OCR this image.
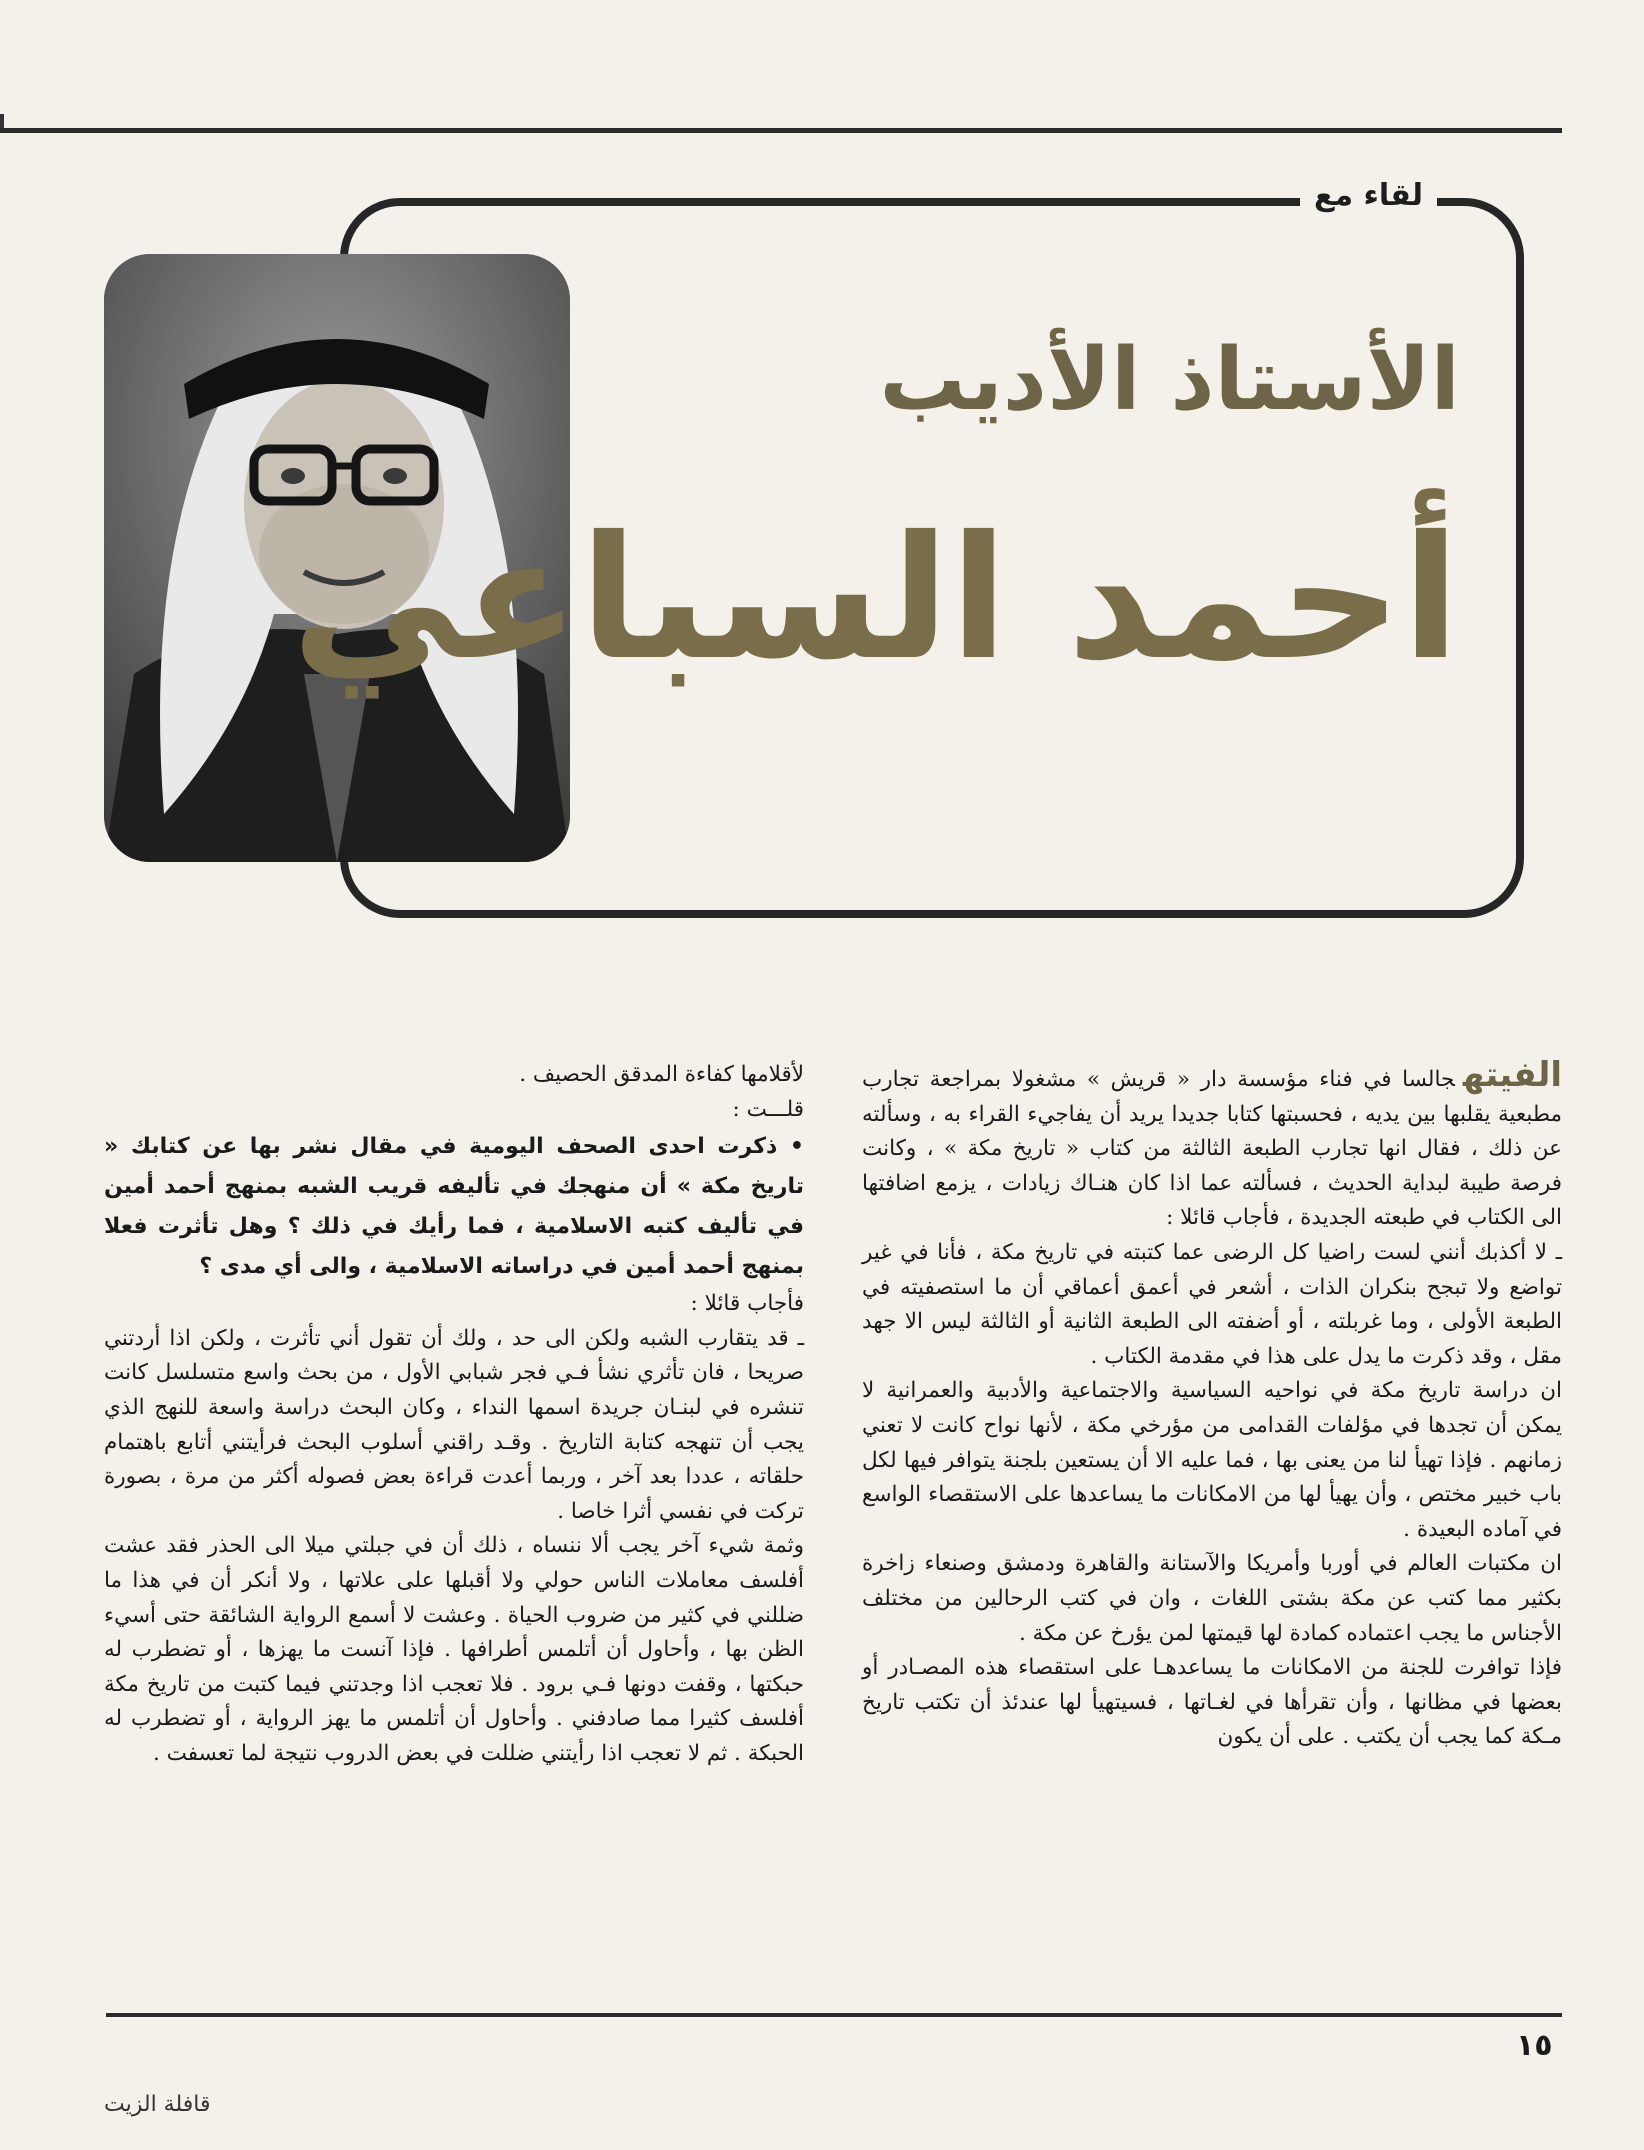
لقاء مع
الأستاذ الأديب
أحمد السباعي

الفيتهجالسا في فناء مؤسسة دار « قريش » مشغولا بمراجعة تجارب مطبعية يقلبها بين يديه ، فحسبتها كتابا جديدا يريد أن يفاجيء القراء به ، وسألته عن ذلك ، فقال انها تجارب الطبعة الثالثة من كتاب « تاريخ مكة » ، وكانت فرصة طيبة لبداية الحديث ، فسألته عما اذا كان هنـاك زيادات ، يزمع اضافتها الى الكتاب في طبعته الجديدة ، فأجاب قائلا :

ـ لا أكذبك أنني لست راضيا كل الرضى عما كتبته في تاريخ مكة ، فأنا في غير تواضع ولا تبجح بنكران الذات ، أشعر في أعمق أعماقي أن ما استصفيته في الطبعة الأولى ، وما غربلته ، أو أضفته الى الطبعة الثانية أو الثالثة ليس الا جهد مقل ، وقد ذكرت ما يدل على هذا في مقدمة الكتاب .

ان دراسة تاريخ مكة في نواحيه السياسية والاجتماعية والأدبية والعمرانية لا يمكن أن تجدها في مؤلفات القدامى من مؤرخي مكة ، لأنها نواح كانت لا تعني زمانهم . فإذا تهيأ لنا من يعنى بها ، فما عليه الا أن يستعين بلجنة يتوافر فيها لكل باب خبير مختص ، وأن يهيأ لها من الامكانات ما يساعدها على الاستقصاء الواسع في آماده البعيدة .

ان مكتبات العالم في أوربا وأمريكا والآستانة والقاهرة ودمشق وصنعاء زاخرة بكثير مما كتب عن مكة بشتى اللغات ، وان في كتب الرحالين من مختلف الأجناس ما يجب اعتماده كمادة لها قيمتها لمن يؤرخ عن مكة .

فإذا توافرت للجنة من الامكانات ما يساعدهـا على استقصاء هذه المصـادر أو بعضها في مظانها ، وأن تقرأها في لغـاتها ، فسيتهيأ لها عندئذ أن تكتب تاريخ مـكة كما يجب أن يكتب . على أن يكون

لأقلامها كفاءة المدقق الحصيف .

قلـــت :

• ذكرت احدى الصحف اليومية في مقال نشر بها عن كتابك « تاريخ مكة » أن منهجك في تأليفه قريب الشبه بمنهج أحمد أمين في تأليف كتبه الاسلامية ، فما رأيك في ذلك ؟ وهل تأثرت فعلا بمنهج أحمد أمين في دراساته الاسلامية ، والى أي مدى ؟

فأجاب قائلا :

ـ قد يتقارب الشبه ولكن الى حد ، ولك أن تقول أني تأثرت ، ولكن اذا أردتني صريحا ، فان تأثري نشأ فـي فجر شبابي الأول ، من بحث واسع متسلسل كانت تنشره في لبنـان جريدة اسمها النداء ، وكان البحث دراسة واسعة للنهج الذي يجب أن تنهجه كتابة التاريخ . وقـد راقني أسلوب البحث فرأيتني أتابع باهتمام حلقاته ، عددا بعد آخر ، وربما أعدت قراءة بعض فصوله أكثر من مرة ، بصورة تركت في نفسي أثرا خاصا .

وثمة شيء آخر يجب ألا ننساه ، ذلك أن في جبلتي ميلا الى الحذر فقد عشت أفلسف معاملات الناس حولي ولا أقبلها على علاتها ، ولا أنكر أن في هذا ما ضللني في كثير من ضروب الحياة . وعشت لا أسمع الرواية الشائقة حتى أسيء الظن بها ، وأحاول أن أتلمس أطرافها . فإذا آنست ما يهزها ، أو تضطرب له حبكتها ، وقفت دونها فـي برود . فلا تعجب اذا وجدتني فيما كتبت من تاريخ مكة أفلسف كثيرا مما صادفني . وأحاول أن أتلمس ما يهز الرواية ، أو تضطرب له الحبكة . ثم لا تعجب اذا رأيتني ضللت في بعض الدروب نتيجة لما تعسفت .

١٥
قافلة الزيت
